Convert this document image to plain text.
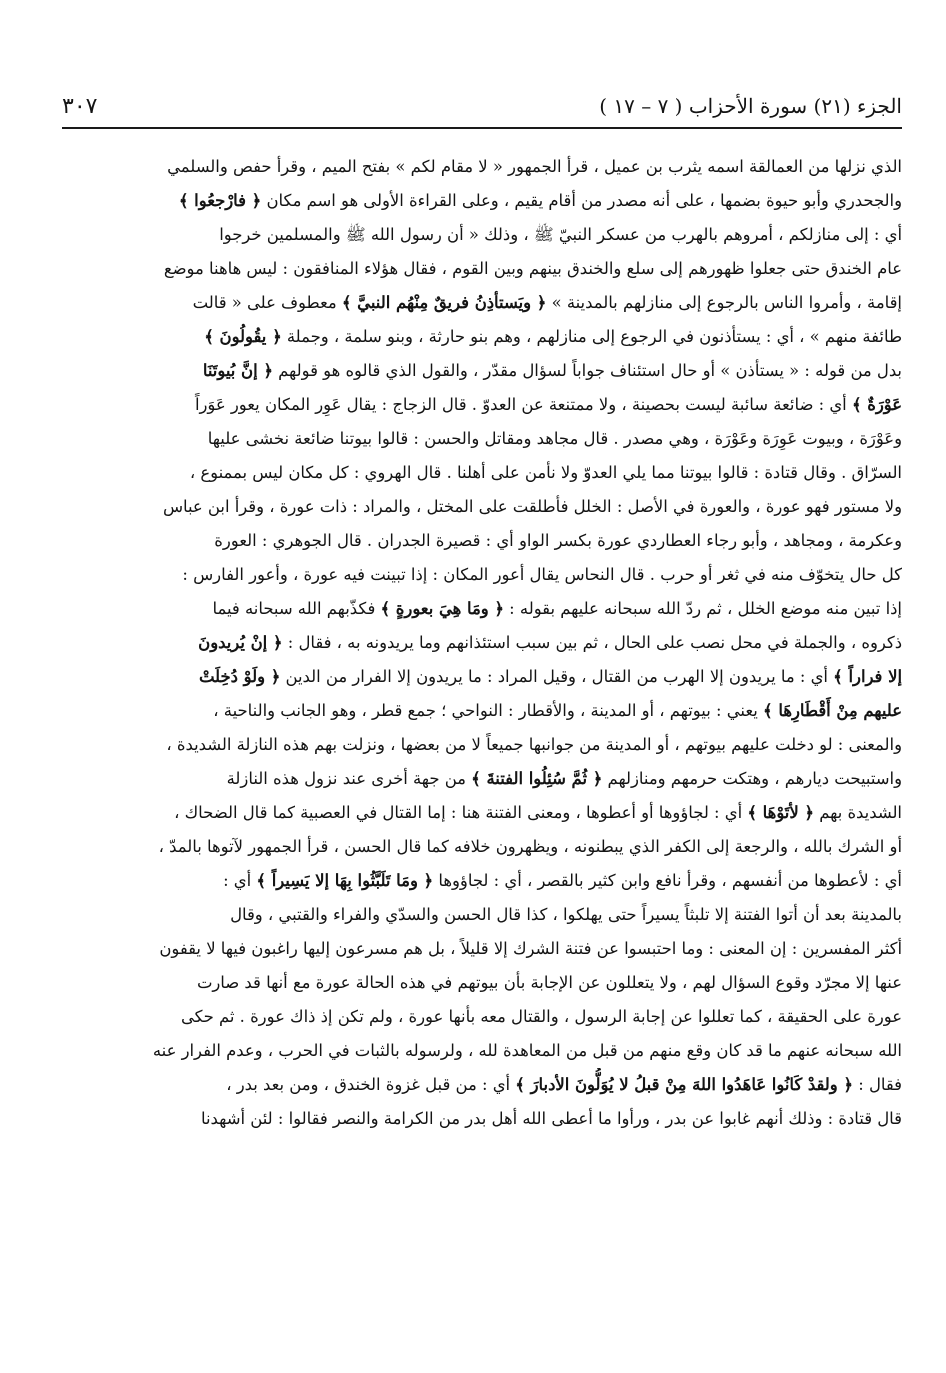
الجزء (٢١) سورة الأحزاب ( ٧ – ١٧ )
٣٠٧
الذي نزلها من العمالقة اسمه يثرب بن عميل ، قرأ الجمهور « لا مقام لكم » بفتح الميم ، وقرأ حفص والسلمي
والجحدري وأبو حيوة بضمها ، على أنه مصدر من أقام يقيم ، وعلى القراءة الأولى هو اسم مكان ﴿ فارْجعُوا ﴾
أي : إلى منازلكم ، أمروهم بالهرب من عسكر النبيّ ﷺ ، وذلك « أن رسول الله ﷺ والمسلمين خرجوا
عام الخندق حتى جعلوا ظهورهم إلى سلع والخندق بينهم وبين القوم ، فقال هؤلاء المنافقون : ليس هاهنا موضع
إقامة ، وأمروا الناس بالرجوع إلى منازلهم بالمدينة » ﴿ ويَستأذِنُ فريقٌ مِنْهُم النبيَّ ﴾ معطوف على « قالت
طائفة منهم » ، أي : يستأذنون في الرجوع إلى منازلهم ، وهم بنو حارثة ، وبنو سلمة ، وجملة ﴿ يقُولُونَ ﴾
بدل من قوله : « يستأذن » أو حال استئناف جواباً لسؤال مقدّر ، والقول الذي قالوه هو قولهم ﴿ إنَّ بُيوتَنَا
عَوْرَةٌ ﴾ أي : ضائعة سائبة ليست بحصينة ، ولا ممتنعة عن العدوّ . قال الزجاج : يقال عَوِر المكان يعور عَوَراً
وعَوْرَة ، وبيوت عَوِرَة وعَوْرَة ، وهي مصدر . قال مجاهد ومقاتل والحسن : قالوا بيوتنا ضائعة نخشى عليها
السرّاق . وقال قتادة : قالوا بيوتنا مما يلي العدوّ ولا نأمن على أهلنا . قال الهروي : كل مكان ليس بممنوع ،
ولا مستور فهو عورة ، والعورة في الأصل : الخلل فأطلقت على المختل ، والمراد : ذات عورة ، وقرأ ابن عباس
وعكرمة ، ومجاهد ، وأبو رجاء العطاردي عورة بكسر الواو أي : قصيرة الجدران . قال الجوهري : العورة
كل حال يتخوّف منه في ثغر أو حرب . قال النحاس يقال أعور المكان : إذا تبينت فيه عورة ، وأعور الفارس :
إذا تبين منه موضع الخلل ، ثم ردّ الله سبحانه عليهم بقوله : ﴿ ومَا هِيَ بعورةٍ ﴾ فكذّبهم الله سبحانه فيما
ذكروه ، والجملة في محل نصب على الحال ، ثم بين سبب استئذانهم وما يريدونه به ، فقال : ﴿ إنْ يُريدونَ
إلا فراراً ﴾ أي : ما يريدون إلا الهرب من القتال ، وقيل المراد : ما يريدون إلا الفرار من الدين ﴿ ولَوْ دُخِلَتْ
عليهم مِنْ أَقْطَارِهَا ﴾ يعني : بيوتهم ، أو المدينة ، والأقطار : النواحي ؛ جمع قطر ، وهو الجانب والناحية ،
والمعنى : لو دخلت عليهم بيوتهم ، أو المدينة من جوانبها جميعاً لا من بعضها ، ونزلت بهم هذه النازلة الشديدة ،
واستبيحت ديارهم ، وهتكت حرمهم ومنازلهم ﴿ ثُمَّ سُئِلُوا الفتنةَ ﴾ من جهة أخرى عند نزول هذه النازلة
الشديدة بهم ﴿ لأتَوْهَا ﴾ أي : لجاؤوها أو أعطوها ، ومعنى الفتنة هنا : إما القتال في العصبية كما قال الضحاك ،
أو الشرك بالله ، والرجعة إلى الكفر الذي يبطنونه ، ويظهرون خلافه كما قال الحسن ، قرأ الجمهور لآتوها بالمدّ ،
أي : لأعطوها من أنفسهم ، وقرأ نافع وابن كثير بالقصر ، أي : لجاؤوها ﴿ ومَا تَلَبَّثُوا بِهَا إلا يَسِيراً ﴾ أي :
بالمدينة بعد أن أتوا الفتنة إلا تلبثاً يسيراً حتى يهلكوا ، كذا قال الحسن والسدّي والفراء والقتبي ، وقال
أكثر المفسرين : إن المعنى : وما احتبسوا عن فتنة الشرك إلا قليلاً ، بل هم مسرعون إليها راغبون فيها لا يقفون
عنها إلا مجرّد وقوع السؤال لهم ، ولا يتعللون عن الإجابة بأن بيوتهم في هذه الحالة عورة مع أنها قد صارت
عورة على الحقيقة ، كما تعللوا عن إجابة الرسول ، والقتال معه بأنها عورة ، ولم تكن إذ ذاك عورة . ثم حكى
الله سبحانه عنهم ما قد كان وقع منهم من قبل من المعاهدة لله ، ولرسوله بالثبات في الحرب ، وعدم الفرار عنه
فقال : ﴿ ولقدْ كَانُوا عَاهَدُوا اللهَ مِنْ قبلُ لا يُوَلُّونَ الأدبارَ ﴾ أي : من قبل غزوة الخندق ، ومن بعد بدر ،
قال قتادة : وذلك أنهم غابوا عن بدر ، ورأوا ما أعطى الله أهل بدر من الكرامة والنصر فقالوا : لئن أشهدنا
